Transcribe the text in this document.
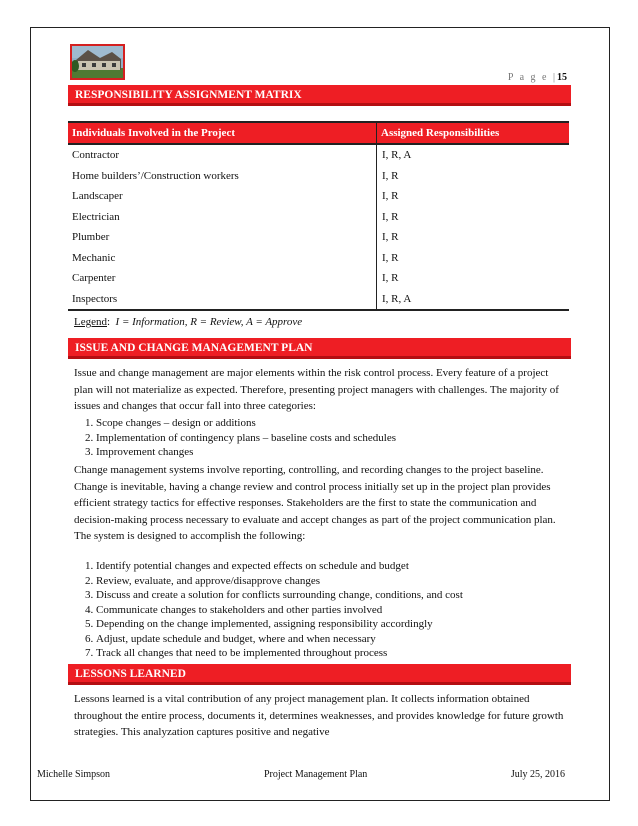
P a g e |15
RESPONSIBILITY ASSIGNMENT MATRIX
Individuals Involved in the Project	Assigned Responsibilities
Contractor	I, R, A
Home builders’/Construction workers	I, R
Landscaper	I, R
Electrician	I, R
Plumber	I, R
Mechanic	I, R
Carpenter	I, R
Inspectors	I, R, A
Legend:  I = Information, R = Review, A = Approve
ISSUE AND CHANGE MANAGEMENT PLAN
Issue and change management are major elements within the risk control process. Every feature of a project plan will not materialize as expected. Therefore, presenting project managers with challenges. The majority of issues and changes that occur fall into three categories:
1. Scope changes – design or additions
2. Implementation of contingency plans – baseline costs and schedules
3. Improvement changes
Change management systems involve reporting, controlling, and recording changes to the project baseline. Change is inevitable, having a change review and control process initially set up in the project plan provides efficient strategy tactics for effective responses. Stakeholders are the first to state the communication and decision-making process necessary to evaluate and accept changes as part of the project communication plan. The system is designed to accomplish the following:
1. Identify potential changes and expected effects on schedule and budget
2. Review, evaluate, and approve/disapprove changes
3. Discuss and create a solution for conflicts surrounding change, conditions, and cost
4. Communicate changes to stakeholders and other parties involved
5. Depending on the change implemented, assigning responsibility accordingly
6. Adjust, update schedule and budget, where and when necessary
7. Track all changes that need to be implemented throughout process
LESSONS LEARNED
Lessons learned is a vital contribution of any project management plan. It collects information obtained throughout the entire process, documents it, determines weaknesses, and provides knowledge for future growth strategies. This analyzation captures positive and negative
Michelle Simpson	Project Management Plan	July 25, 2016
